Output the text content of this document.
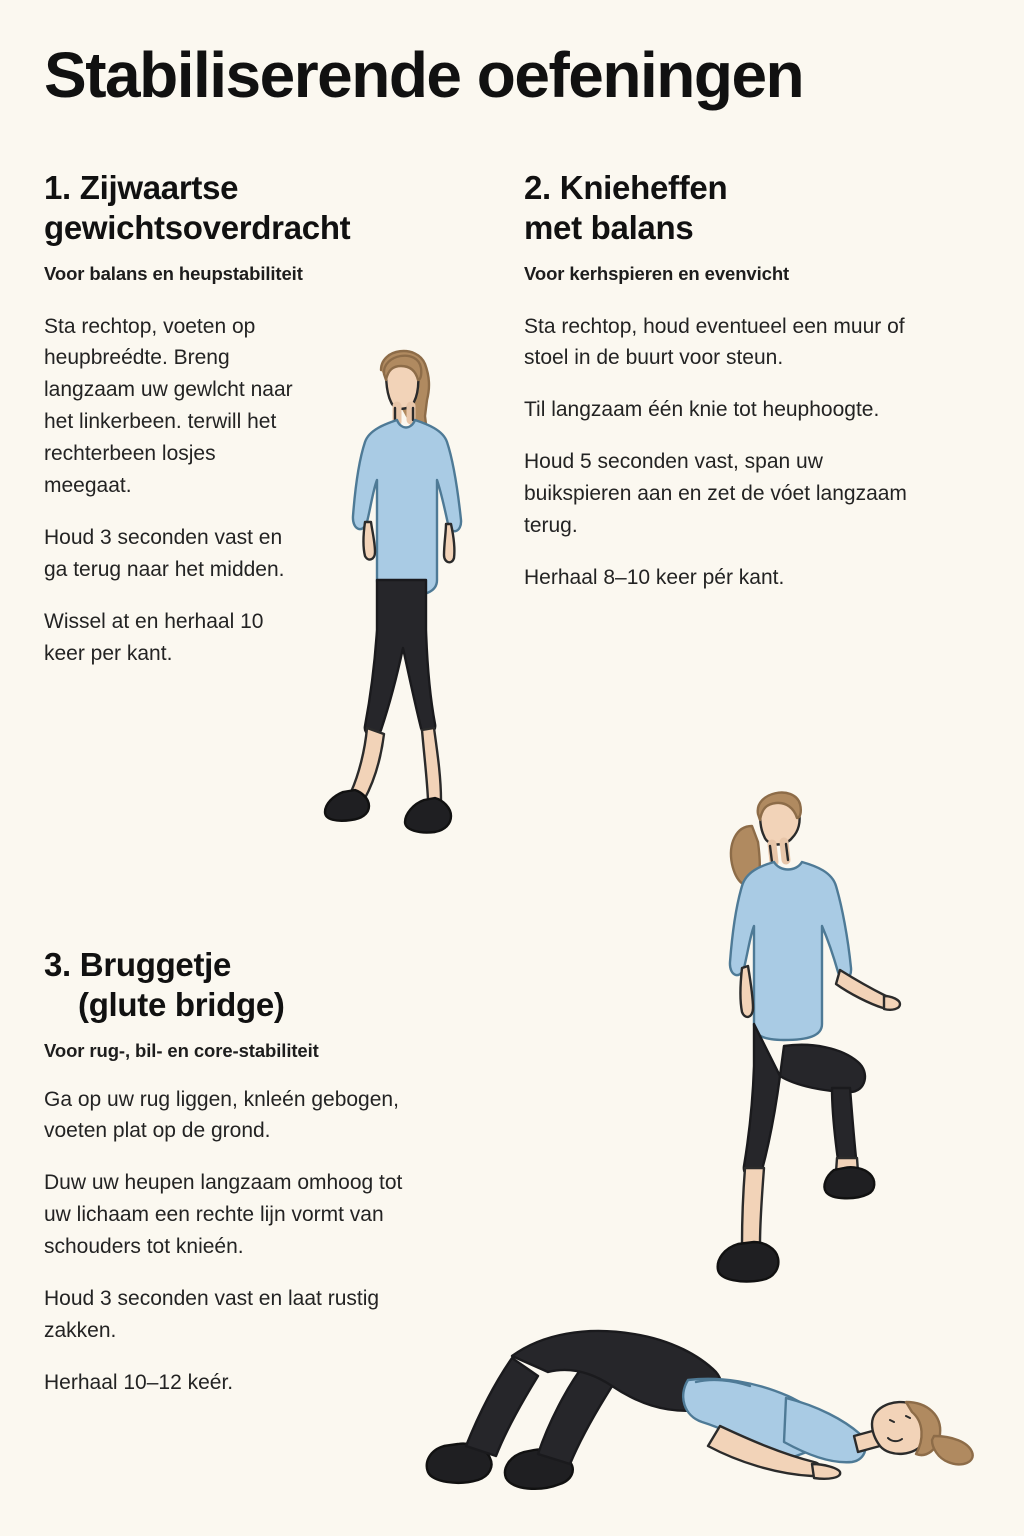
Stabiliserende oefeningen
1. Zijwaartse
gewichtsoverdracht
Voor balans en heupstabiliteit

Sta rechtop, voeten op heupbreédte. Breng langzaam uw gewlcht naar het linkerbeen. terwill het rechterbeen losjes meegaat.

Houd 3 seconden vast en ga terug naar het midden.

Wissel at en herhaal 10 keer per kant.

2. Knieheffen
met balans
Voor kerhspieren en evenvicht

Sta rechtop, houd eventueel een muur of stoel in de buurt voor steun.

Til langzaam één knie tot heuphoogte.

Houd 5 seconden vast, span uw buikspieren aan en zet de vóet langzaam terug.

Herhaal 8–10 keer pér kant.

3. Bruggetje
(glute bridge)
Voor rug-, bil- en core-stabiliteit

Ga op uw rug liggen, knleén gebogen, voeten plat op de grond.

Duw uw heupen langzaam omhoog tot uw lichaam een rechte lijn vormt van schouders tot knieén.

Houd 3 seconden vast en laat rustig zakken.

Herhaal 10–12 keér.
